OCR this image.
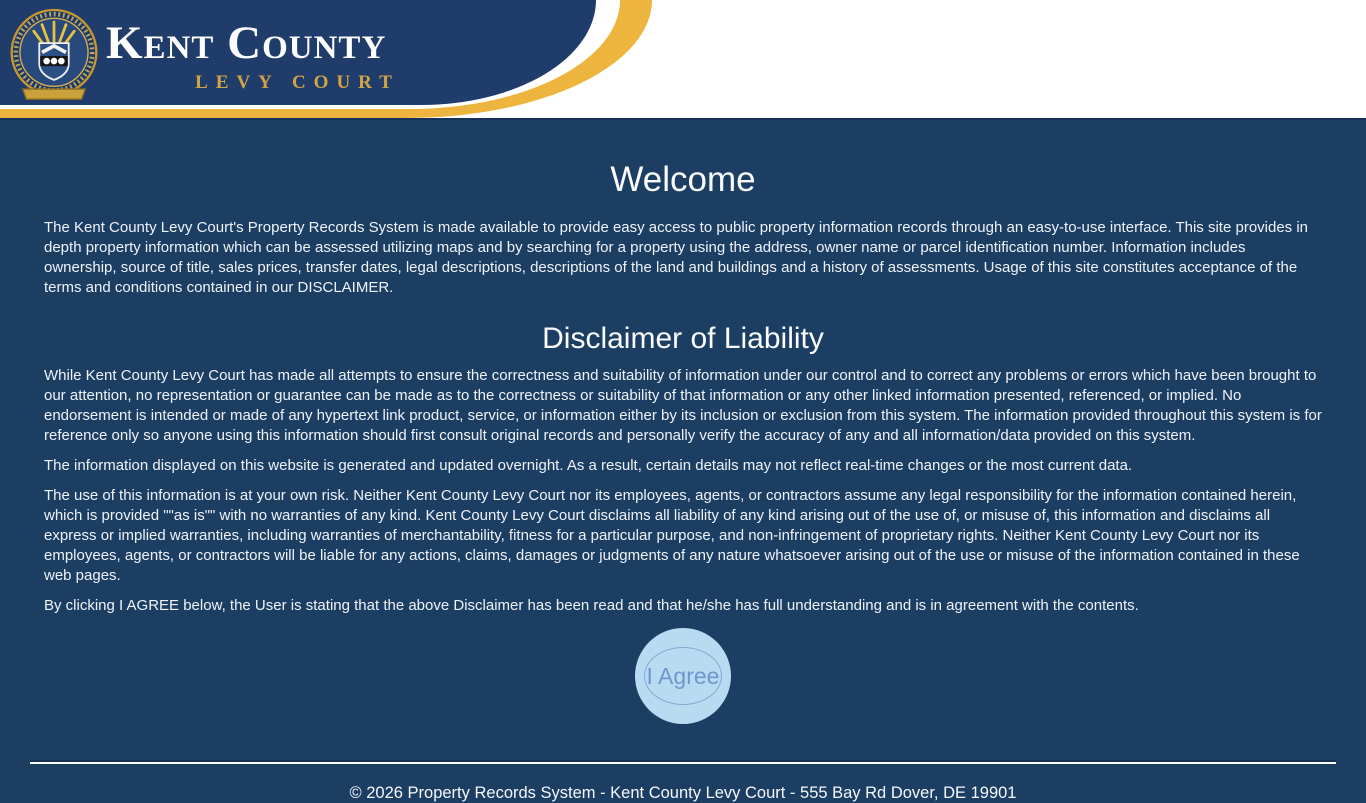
Kent County
LEVY COURT
Welcome

The Kent County Levy Court's Property Records System is made available to provide easy access to public property information records through an easy-to-use interface. This site provides in depth property information which can be assessed utilizing maps and by searching for a property using the address, owner name or parcel identification number. Information includes ownership, source of title, sales prices, transfer dates, legal descriptions, descriptions of the land and buildings and a history of assessments. Usage of this site constitutes acceptance of the terms and conditions contained in our DISCLAIMER.

Disclaimer of Liability

While Kent County Levy Court has made all attempts to ensure the correctness and suitability of information under our control and to correct any problems or errors which have been brought to our attention, no representation or guarantee can be made as to the correctness or suitability of that information or any other linked information presented, referenced, or implied. No endorsement is intended or made of any hypertext link product, service, or information either by its inclusion or exclusion from this system. The information provided throughout this system is for reference only so anyone using this information should first consult original records and personally verify the accuracy of any and all information/data provided on this system.

The information displayed on this website is generated and updated overnight. As a result, certain details may not reflect real-time changes or the most current data.

The use of this information is at your own risk. Neither Kent County Levy Court nor its employees, agents, or contractors assume any legal responsibility for the information contained herein, which is provided ""as is"" with no warranties of any kind. Kent County Levy Court disclaims all liability of any kind arising out of the use of, or misuse of, this information and disclaims all express or implied warranties, including warranties of merchantability, fitness for a particular purpose, and non-infringement of proprietary rights. Neither Kent County Levy Court nor its employees, agents, or contractors will be liable for any actions, claims, damages or judgments of any nature whatsoever arising out of the use or misuse of the information contained in these web pages.

By clicking I AGREE below, the User is stating that the above Disclaimer has been read and that he/she has full understanding and is in agreement with the contents.

I Agree
© 2026 Property Records System - Kent County Levy Court - 555 Bay Rd Dover, DE 19901
